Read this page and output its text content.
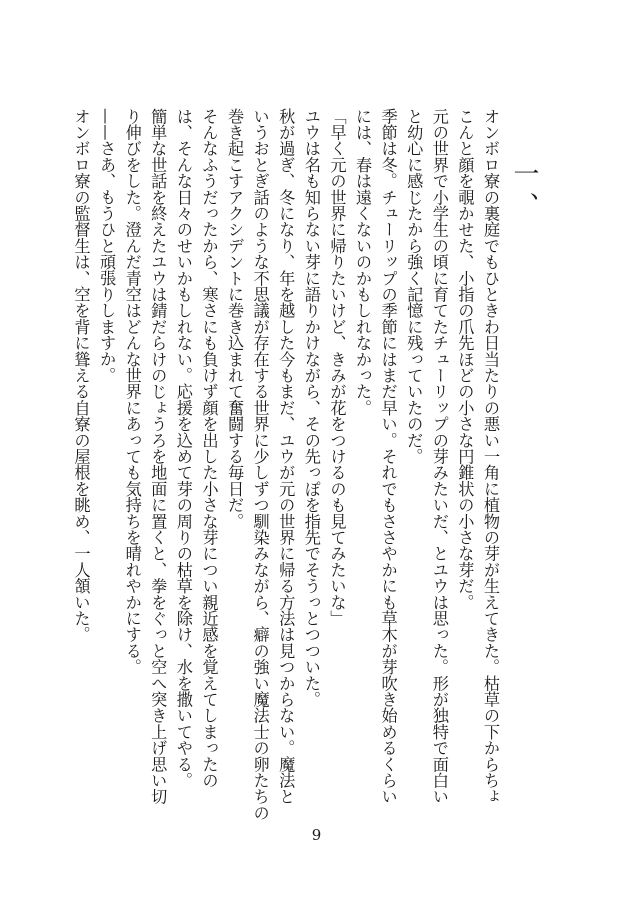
一、
オンボロ寮の裏庭でもひときわ日当たりの悪い一角に植物の芽が生えてきた。枯草の下からちょ
こんと顔を覗かせた、小指の爪先ほどの小さな円錐状の小さな芽だ。
元の世界で小学生の頃に育てたチューリップの芽みたいだ、とユウは思った。形が独特で面白い
と幼心に感じたから強く記憶に残っていたのだ。
季節は冬。チューリップの季節にはまだ早い。それでもささやかにも草木が芽吹き始めるくらい
には、春は遠くないのかもしれなかった。
「早く元の世界に帰りたいけど、きみが花をつけるのも見てみたいな」
ユウは名も知らない芽に語りかけながら、その先っぽを指先でそうっとつついた。
秋が過ぎ、冬になり、年を越した今もまだ、ユウが元の世界に帰る方法は見つからない。魔法と
いうおとぎ話のような不思議が存在する世界に少しずつ馴染みながら、癖の強い魔法士の卵たちの
巻き起こすアクシデントに巻き込まれて奮闘する毎日だ。
そんなふうだったから、寒さにも負けず顔を出した小さな芽につい親近感を覚えてしまったの
は、そんな日々のせいかもしれない。応援を込めて芽の周りの枯草を除け、水を撒いてやる。
簡単な世話を終えたユウは錆だらけのじょうろを地面に置くと、拳をぐっと空へ突き上げ思い切
り伸びをした。澄んだ青空はどんな世界にあっても気持ちを晴れやかにする。
——さあ、もうひと頑張りしますか。
オンボロ寮の監督生は、空を背に聳える自寮の屋根を眺め、一人頷いた。
9
